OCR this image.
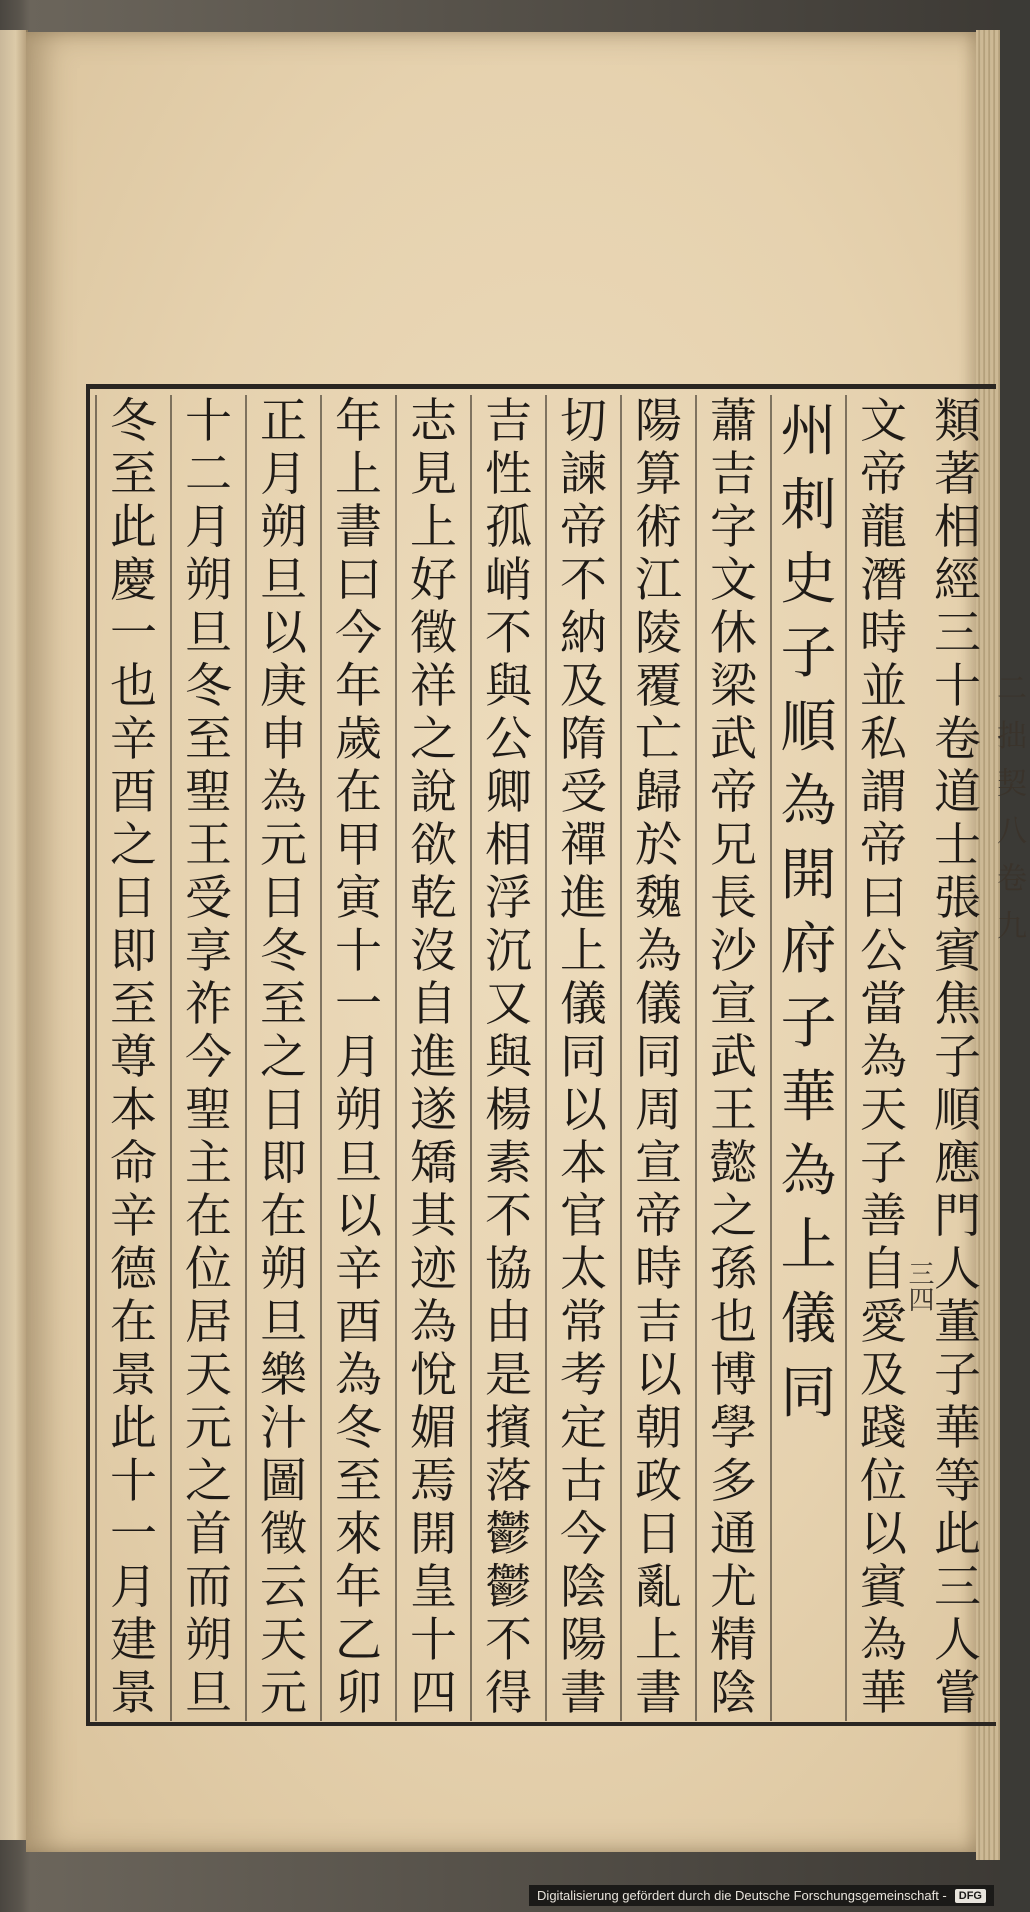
二 拙 契 八 卷 九
類
著
相
經
三
十
卷
道
士
張
賓
焦
子
順
應
門
人
董
子
華
等
此
三
人
嘗
文
帝
龍
潛
時
並
私
謂
帝
曰
公
當
為
天
子
善
自
愛
及
踐
位
以
賓
為
華
州
刺
史
子
順
為
開
府
子
華
為
上
儀
同
蕭
吉
字
文
休
梁
武
帝
兄
長
沙
宣
武
王
懿
之
孫
也
博
學
多
通
尤
精
陰
陽
算
術
江
陵
覆
亡
歸
於
魏
為
儀
同
周
宣
帝
時
吉
以
朝
政
日
亂
上
書
切
諫
帝
不
納
及
隋
受
禪
進
上
儀
同
以
本
官
太
常
考
定
古
今
陰
陽
書
吉
性
孤
峭
不
與
公
卿
相
浮
沉
又
與
楊
素
不
協
由
是
擯
落
鬱
鬱
不
得
志
見
上
好
徵
祥
之
說
欲
乾
沒
自
進
遂
矯
其
迹
為
悅
媚
焉
開
皇
十
四
年
上
書
曰
今
年
歲
在
甲
寅
十
一
月
朔
旦
以
辛
酉
為
冬
至
來
年
乙
卯
正
月
朔
旦
以
庚
申
為
元
日
冬
至
之
日
即
在
朔
旦
樂
汁
圖
徵
云
天
元
十
二
月
朔
旦
冬
至
聖
王
受
享
祚
今
聖
主
在
位
居
天
元
之
首
而
朔
旦
冬
至
此
慶
一
也
辛
酉
之
日
即
至
尊
本
命
辛
德
在
景
此
十
一
月
建
景
三四
Digitalisierung gefördert durch die Deutsche Forschungsgemeinschaft -	DFG
